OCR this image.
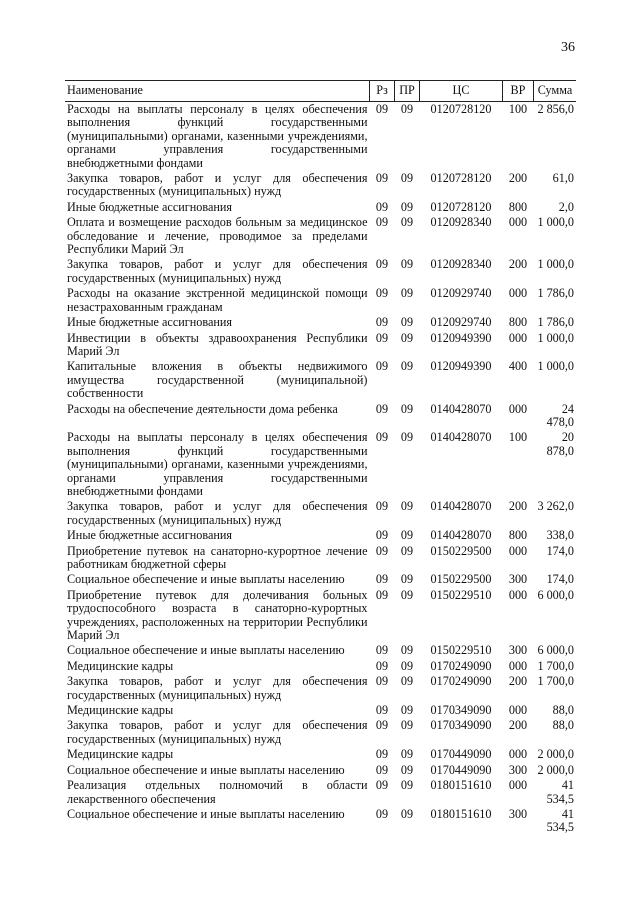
36
Наименование	Рз	ПР	ЦС	ВР	Сумма
Расходы на выплаты персоналу в целях обеспечения выполнения функций государственными (муниципальными) органами, казенными учреждениями, органами управления государственными внебюджетными фондами	09	09	0120728120	100	2 856,0
Закупка товаров, работ и услуг для обеспечения государственных (муниципальных) нужд	09	09	0120728120	200	61,0
Иные бюджетные ассигнования	09	09	0120728120	800	2,0
Оплата и возмещение расходов больным за медицинское обследование и лечение, проводимое за пределами Республики Марий Эл	09	09	0120928340	000	1 000,0
Закупка товаров, работ и услуг для обеспечения государственных (муниципальных) нужд	09	09	0120928340	200	1 000,0
Расходы на оказание экстренной медицинской помощи незастрахованным гражданам	09	09	0120929740	000	1 786,0
Иные бюджетные ассигнования	09	09	0120929740	800	1 786,0
Инвестиции в объекты здравоохранения Республики Марий Эл	09	09	0120949390	000	1 000,0
Капитальные вложения в объекты недвижимого имущества государственной (муниципальной) собственности	09	09	0120949390	400	1 000,0
Расходы на обеспечение деятельности дома ребенка	09	09	0140428070	000	24 478,0
Расходы на выплаты персоналу в целях обеспечения выполнения функций государственными (муниципальными) органами, казенными учреждениями, органами управления государственными внебюджетными фондами	09	09	0140428070	100	20 878,0
Закупка товаров, работ и услуг для обеспечения государственных (муниципальных) нужд	09	09	0140428070	200	3 262,0
Иные бюджетные ассигнования	09	09	0140428070	800	338,0
Приобретение путевок на санаторно-курортное лечение работникам бюджетной сферы	09	09	0150229500	000	174,0
Социальное обеспечение и иные выплаты населению	09	09	0150229500	300	174,0
Приобретение путевок для долечивания больных трудоспособного возраста в санаторно-курортных учреждениях, расположенных на территории Республики Марий Эл	09	09	0150229510	000	6 000,0
Социальное обеспечение и иные выплаты населению	09	09	0150229510	300	6 000,0
Медицинские кадры	09	09	0170249090	000	1 700,0
Закупка товаров, работ и услуг для обеспечения государственных (муниципальных) нужд	09	09	0170249090	200	1 700,0
Медицинские кадры	09	09	0170349090	000	88,0
Закупка товаров, работ и услуг для обеспечения государственных (муниципальных) нужд	09	09	0170349090	200	88,0
Медицинские кадры	09	09	0170449090	000	2 000,0
Социальное обеспечение и иные выплаты населению	09	09	0170449090	300	2 000,0
Реализация отдельных полномочий в области лекарственного обеспечения	09	09	0180151610	000	41 534,5
Социальное обеспечение и иные выплаты населению	09	09	0180151610	300	41 534,5
